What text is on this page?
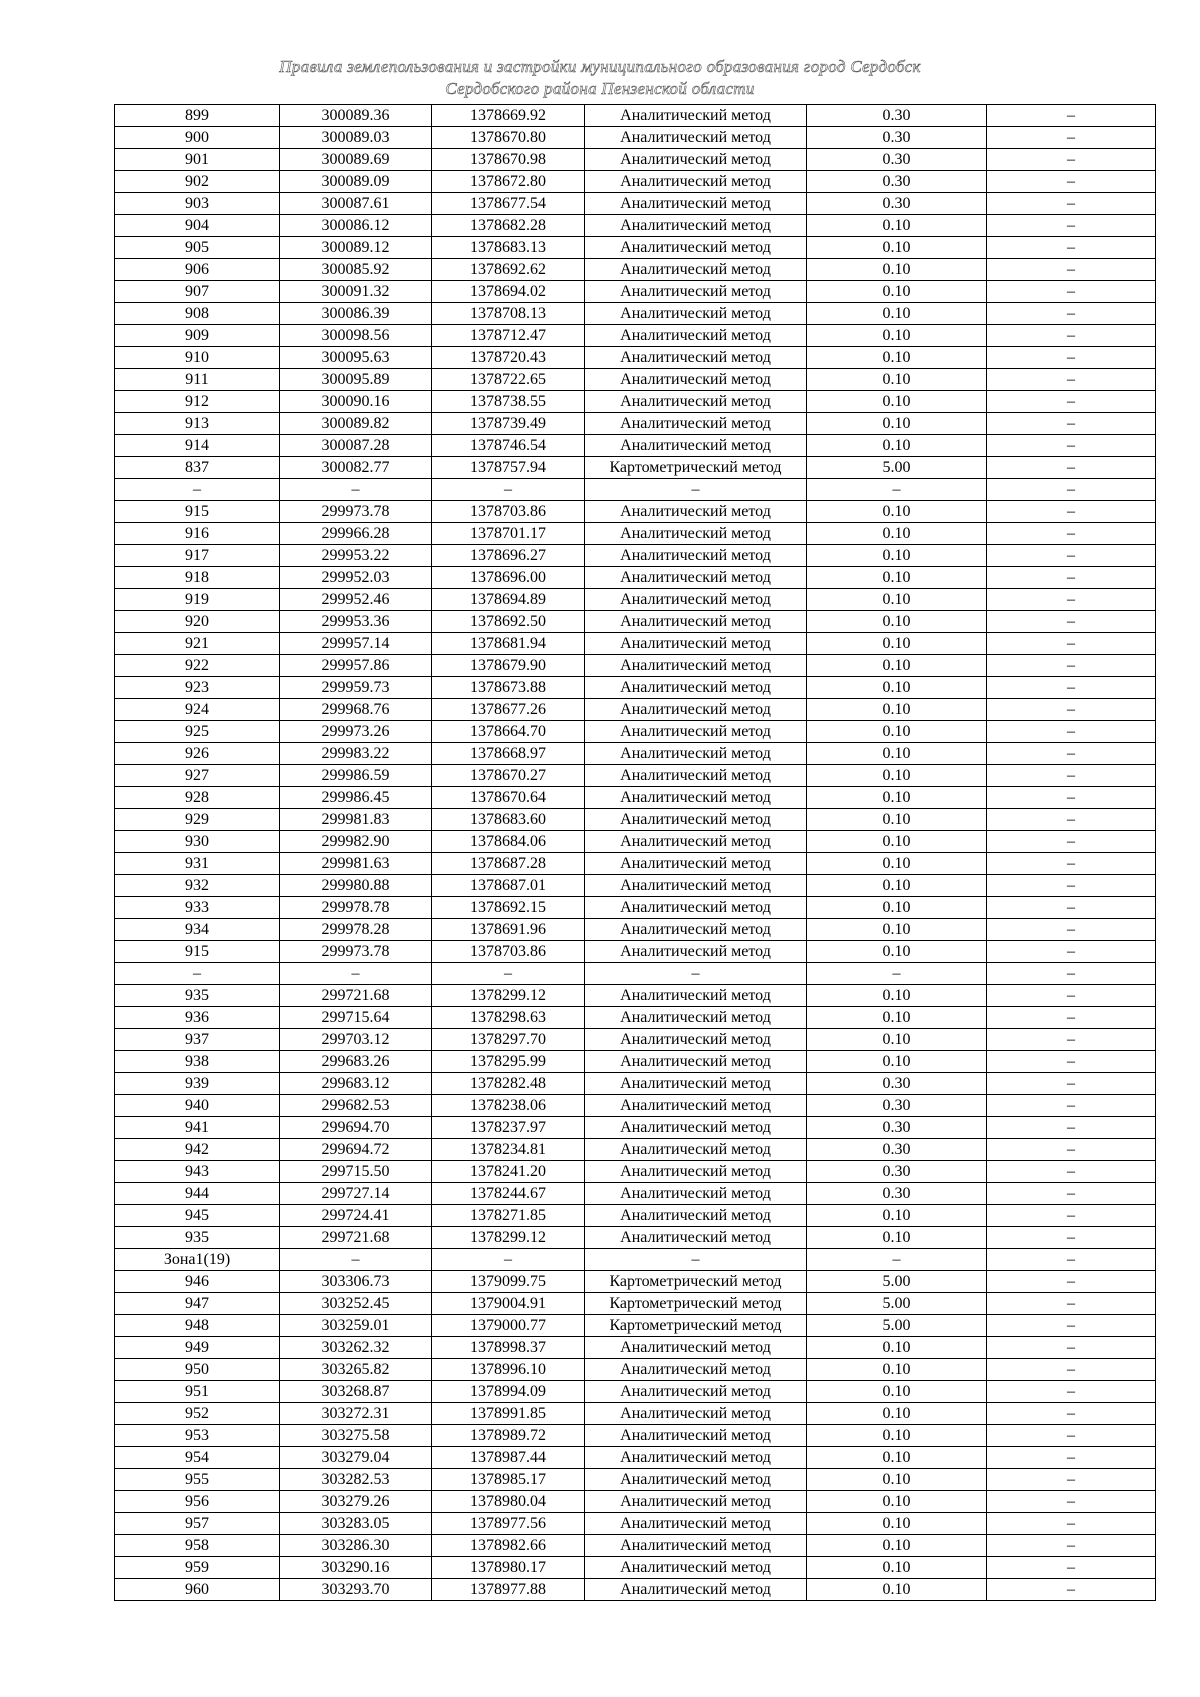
Правила землепользования и застройки муниципального образования город Сердобск
Сердобского района Пензенской области
899	300089.36	1378669.92	Аналитический метод	0.30	–
900	300089.03	1378670.80	Аналитический метод	0.30	–
901	300089.69	1378670.98	Аналитический метод	0.30	–
902	300089.09	1378672.80	Аналитический метод	0.30	–
903	300087.61	1378677.54	Аналитический метод	0.30	–
904	300086.12	1378682.28	Аналитический метод	0.10	–
905	300089.12	1378683.13	Аналитический метод	0.10	–
906	300085.92	1378692.62	Аналитический метод	0.10	–
907	300091.32	1378694.02	Аналитический метод	0.10	–
908	300086.39	1378708.13	Аналитический метод	0.10	–
909	300098.56	1378712.47	Аналитический метод	0.10	–
910	300095.63	1378720.43	Аналитический метод	0.10	–
911	300095.89	1378722.65	Аналитический метод	0.10	–
912	300090.16	1378738.55	Аналитический метод	0.10	–
913	300089.82	1378739.49	Аналитический метод	0.10	–
914	300087.28	1378746.54	Аналитический метод	0.10	–
837	300082.77	1378757.94	Картометрический метод	5.00	–
–	–	–	–	–	–
915	299973.78	1378703.86	Аналитический метод	0.10	–
916	299966.28	1378701.17	Аналитический метод	0.10	–
917	299953.22	1378696.27	Аналитический метод	0.10	–
918	299952.03	1378696.00	Аналитический метод	0.10	–
919	299952.46	1378694.89	Аналитический метод	0.10	–
920	299953.36	1378692.50	Аналитический метод	0.10	–
921	299957.14	1378681.94	Аналитический метод	0.10	–
922	299957.86	1378679.90	Аналитический метод	0.10	–
923	299959.73	1378673.88	Аналитический метод	0.10	–
924	299968.76	1378677.26	Аналитический метод	0.10	–
925	299973.26	1378664.70	Аналитический метод	0.10	–
926	299983.22	1378668.97	Аналитический метод	0.10	–
927	299986.59	1378670.27	Аналитический метод	0.10	–
928	299986.45	1378670.64	Аналитический метод	0.10	–
929	299981.83	1378683.60	Аналитический метод	0.10	–
930	299982.90	1378684.06	Аналитический метод	0.10	–
931	299981.63	1378687.28	Аналитический метод	0.10	–
932	299980.88	1378687.01	Аналитический метод	0.10	–
933	299978.78	1378692.15	Аналитический метод	0.10	–
934	299978.28	1378691.96	Аналитический метод	0.10	–
915	299973.78	1378703.86	Аналитический метод	0.10	–
–	–	–	–	–	–
935	299721.68	1378299.12	Аналитический метод	0.10	–
936	299715.64	1378298.63	Аналитический метод	0.10	–
937	299703.12	1378297.70	Аналитический метод	0.10	–
938	299683.26	1378295.99	Аналитический метод	0.10	–
939	299683.12	1378282.48	Аналитический метод	0.30	–
940	299682.53	1378238.06	Аналитический метод	0.30	–
941	299694.70	1378237.97	Аналитический метод	0.30	–
942	299694.72	1378234.81	Аналитический метод	0.30	–
943	299715.50	1378241.20	Аналитический метод	0.30	–
944	299727.14	1378244.67	Аналитический метод	0.30	–
945	299724.41	1378271.85	Аналитический метод	0.10	–
935	299721.68	1378299.12	Аналитический метод	0.10	–
Зона1(19)	–	–	–	–	–
946	303306.73	1379099.75	Картометрический метод	5.00	–
947	303252.45	1379004.91	Картометрический метод	5.00	–
948	303259.01	1379000.77	Картометрический метод	5.00	–
949	303262.32	1378998.37	Аналитический метод	0.10	–
950	303265.82	1378996.10	Аналитический метод	0.10	–
951	303268.87	1378994.09	Аналитический метод	0.10	–
952	303272.31	1378991.85	Аналитический метод	0.10	–
953	303275.58	1378989.72	Аналитический метод	0.10	–
954	303279.04	1378987.44	Аналитический метод	0.10	–
955	303282.53	1378985.17	Аналитический метод	0.10	–
956	303279.26	1378980.04	Аналитический метод	0.10	–
957	303283.05	1378977.56	Аналитический метод	0.10	–
958	303286.30	1378982.66	Аналитический метод	0.10	–
959	303290.16	1378980.17	Аналитический метод	0.10	–
960	303293.70	1378977.88	Аналитический метод	0.10	–
